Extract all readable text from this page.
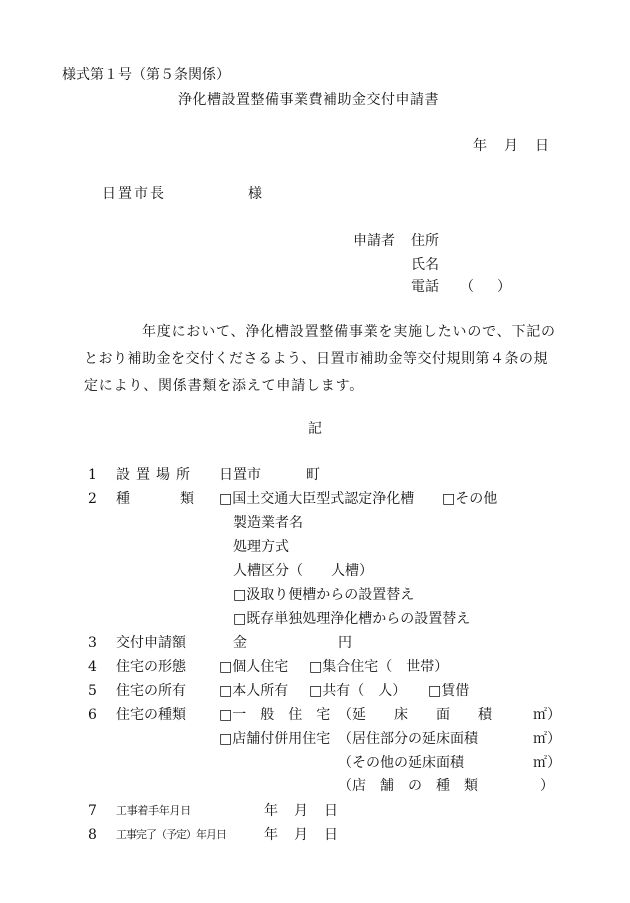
様式第１号（第５条関係）
浄化槽設置整備事業費補助金交付申請書
年 月 日
日置市長	様
申請者 住所
氏名
電話 （ ）
年度において、浄化槽設置整備事業を実施したいので、下記の
とおり補助金を交付くださるよう、日置市補助金等交付規則第４条の規
定により、関係書類を添えて申請します。
記
1 設置場所 日置市	町
2 種類
□国土交通大臣型式認定浄化槽 □その他
製造業者名
処理方式
人槽区分（　　人槽）
□汲取り便槽からの設置替え
□既存単独処理浄化槽からの設置替え
3 交付申請額	金	円
4 住宅の形態 □個人住宅 □集合住宅（　世帯）
5 住宅の所有 □本人所有 □共有（　人） □賃借
6 住宅の種類 □一　般　住　宅 （延　　床　　面　　積	㎡）
□店舗付併用住宅 （居住部分の延床面積	㎡）
（その他の延床面積	㎡）
（店　舗　の　種　類	）
7 工事着手年月日	年 月 日
8 工事完了（予定）年月日	年 月 日
